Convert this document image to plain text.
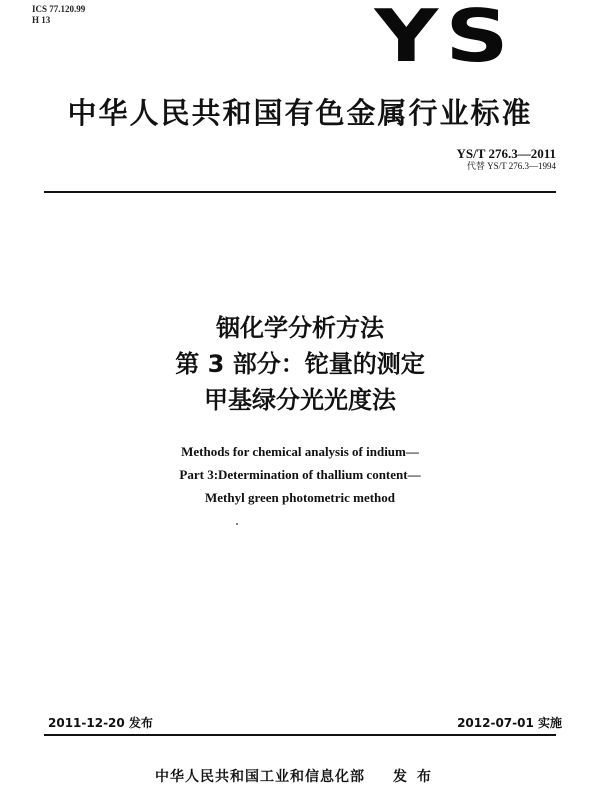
ICS 77.120.99
H 13	YS
中华人民共和国有色金属行业标准
YS/T 276.3—2011
代替 YS/T 276.3—1994
铟化学分析方法
第 3 部分：铊量的测定
甲基绿分光光度法
Methods for chemical analysis of indium—
Part 3:Determination of thallium content—
Methyl green photometric method
2011-12-20 发布	2012-07-01 实施
中华人民共和国工业和信息化部 发布
